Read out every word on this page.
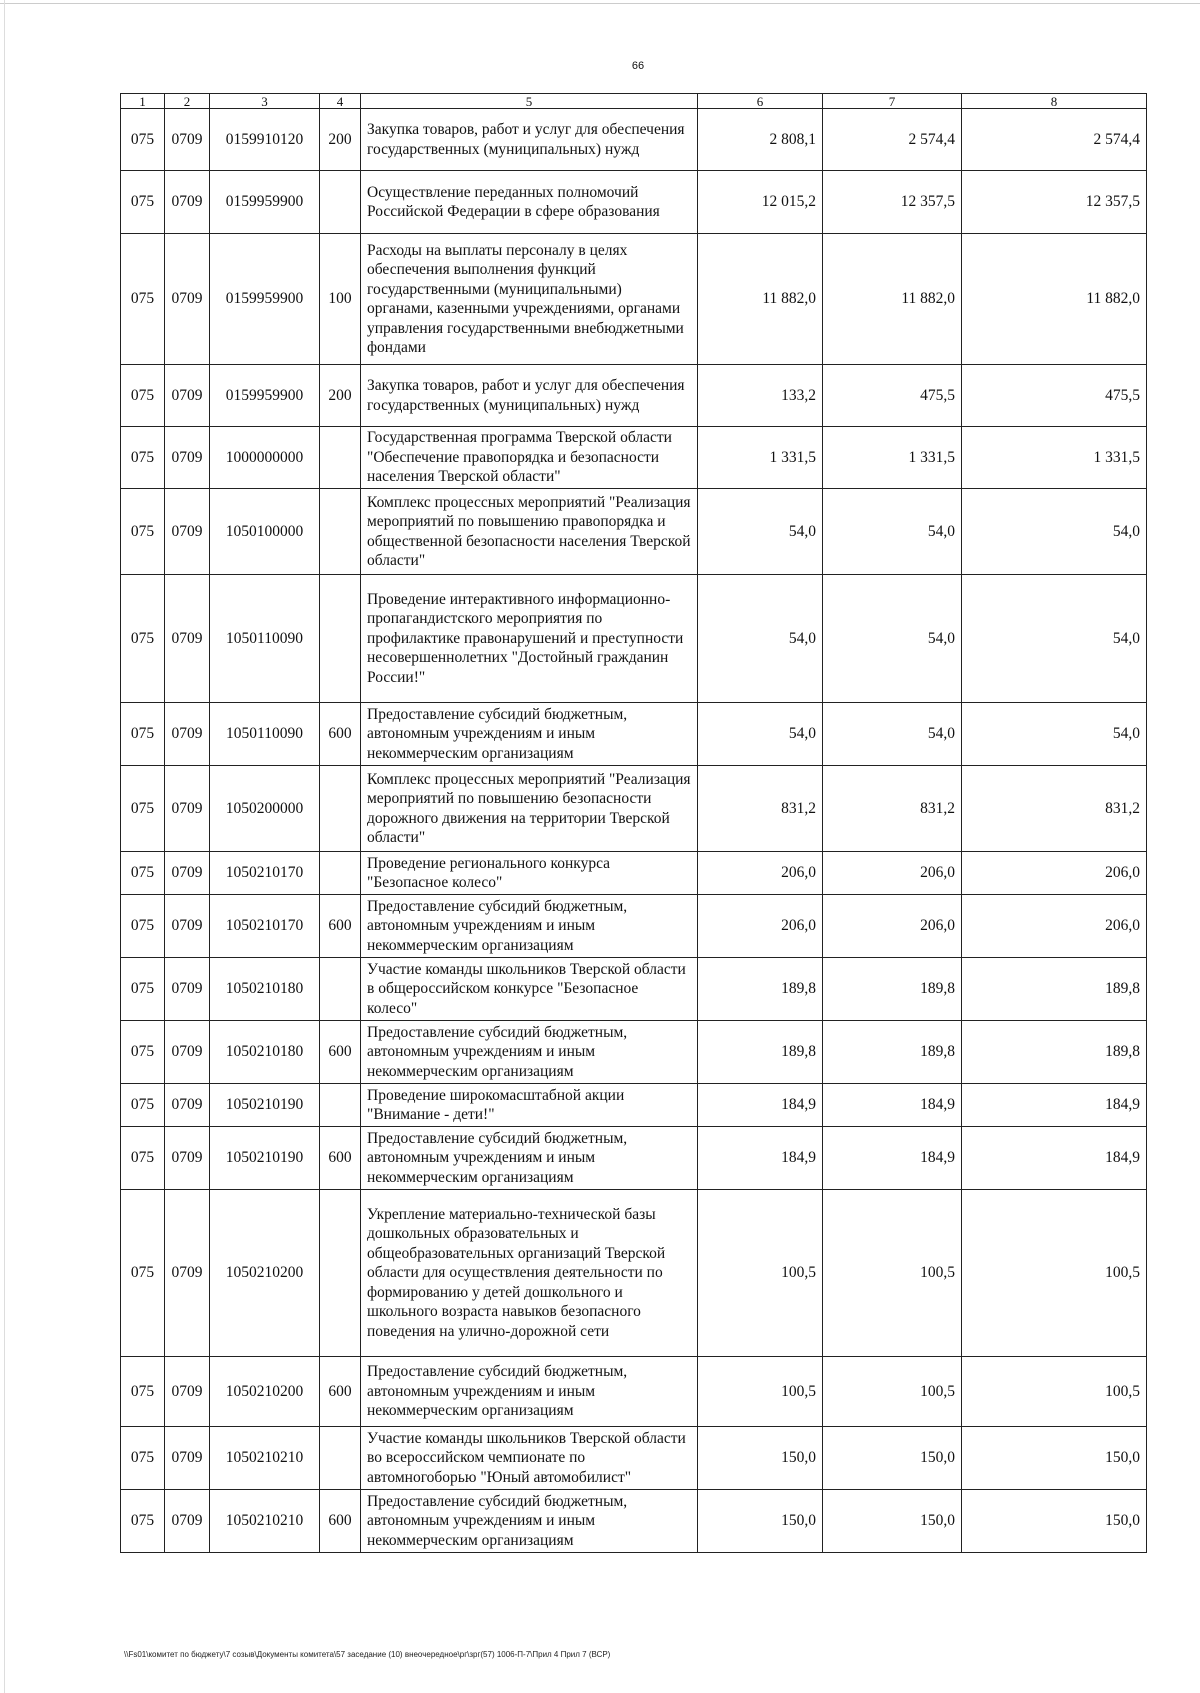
66
1	2	3	4	5	6	7	8
075	0709	0159910120	200	Закупка товаров, работ и услуг для обеспечения государственных (муниципальных) нужд	2 808,1	2 574,4	2 574,4
075	0709	0159959900		Осуществление переданных полномочий Российской Федерации в сфере образования	12 015,2	12 357,5	12 357,5
075	0709	0159959900	100	Расходы на выплаты персоналу в целях обеспечения выполнения функций государственными (муниципальными) органами, казенными учреждениями, органами управления государственными внебюджетными фондами	11 882,0	11 882,0	11 882,0
075	0709	0159959900	200	Закупка товаров, работ и услуг для обеспечения государственных (муниципальных) нужд	133,2	475,5	475,5
075	0709	1000000000		Государственная программа Тверской области "Обеспечение правопорядка и безопасности населения Тверской области"	1 331,5	1 331,5	1 331,5
075	0709	1050100000		Комплекс процессных мероприятий "Реализация мероприятий по повышению правопорядка и общественной безопасности населения Тверской области"	54,0	54,0	54,0
075	0709	1050110090		Проведение интерактивного информационно-пропагандистского мероприятия по профилактике правонарушений и преступности несовершеннолетних "Достойный гражданин России!"	54,0	54,0	54,0
075	0709	1050110090	600	Предоставление субсидий бюджетным, автономным учреждениям и иным некоммерческим организациям	54,0	54,0	54,0
075	0709	1050200000		Комплекс процессных мероприятий "Реализация мероприятий по повышению безопасности дорожного движения на территории Тверской области"	831,2	831,2	831,2
075	0709	1050210170		Проведение регионального конкурса "Безопасное колесо"	206,0	206,0	206,0
075	0709	1050210170	600	Предоставление субсидий бюджетным, автономным учреждениям и иным некоммерческим организациям	206,0	206,0	206,0
075	0709	1050210180		Участие команды школьников Тверской области в общероссийском конкурсе "Безопасное колесо"	189,8	189,8	189,8
075	0709	1050210180	600	Предоставление субсидий бюджетным, автономным учреждениям и иным некоммерческим организациям	189,8	189,8	189,8
075	0709	1050210190		Проведение широкомасштабной акции "Внимание - дети!"	184,9	184,9	184,9
075	0709	1050210190	600	Предоставление субсидий бюджетным, автономным учреждениям и иным некоммерческим организациям	184,9	184,9	184,9
075	0709	1050210200		Укрепление материально-технической базы дошкольных образовательных и общеобразовательных организаций Тверской области для осуществления деятельности по формированию у детей дошкольного и школьного возраста навыков безопасного поведения на улично-дорожной сети	100,5	100,5	100,5
075	0709	1050210200	600	Предоставление субсидий бюджетным, автономным учреждениям и иным некоммерческим организациям	100,5	100,5	100,5
075	0709	1050210210		Участие команды школьников Тверской области во всероссийском чемпионате по автомногоборью "Юный автомобилист"	150,0	150,0	150,0
075	0709	1050210210	600	Предоставление субсидий бюджетным, автономным учреждениям и иным некоммерческим организациям	150,0	150,0	150,0
\\Fs01\комитет по бюджету\7 созыв\Документы комитета\57 заседание (10) внеочередное\рг\зрг(57) 1006-П-7\Прил 4 Прил 7 (ВСР)
